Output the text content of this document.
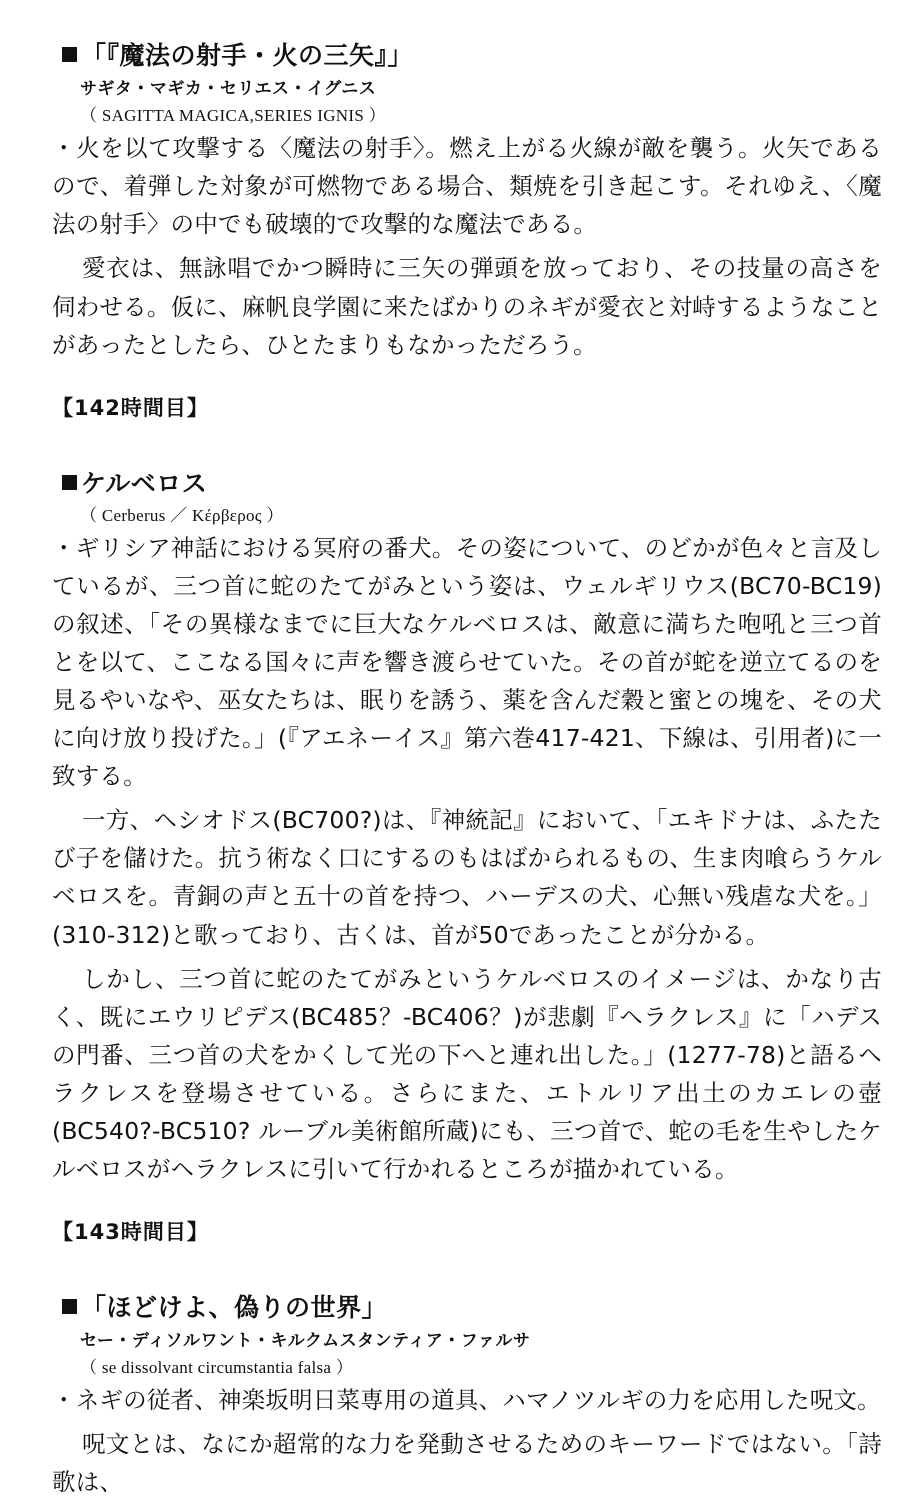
「『魔法の射手・火の三矢』」
サギタ・マギカ・セリエス・イグニス
（ SAGITTA MAGICA,SERIES IGNIS ）
・火を以て攻撃する〈魔法の射手〉。燃え上がる火線が敵を襲う。火矢であるので、着弾した対象が可燃物である場合、類焼を引き起こす。それゆえ、〈魔法の射手〉の中でも破壊的で攻撃的な魔法である。
愛衣は、無詠唱でかつ瞬時に三矢の弾頭を放っており、その技量の高さを伺わせる。仮に、麻帆良学園に来たばかりのネギが愛衣と対峙するようなことがあったとしたら、ひとたまりもなかっただろう。
【142時間目】
ケルベロス
（ Cerberus ／ Κέρβερος ）
・ギリシア神話における冥府の番犬。その姿について、のどかが色々と言及しているが、三つ首に蛇のたてがみという姿は、ウェルギリウス(BC70-BC19)の叙述、「その異様なまでに巨大なケルベロスは、敵意に満ちた咆吼と三つ首とを以て、ここなる国々に声を響き渡らせていた。その首が蛇を逆立てるのを見るやいなや、巫女たちは、眠りを誘う、薬を含んだ穀と蜜との塊を、その犬に向け放り投げた。」(『アエネーイス』第六巻417-421、下線は、引用者)に一致する。
一方、ヘシオドス(BC700?)は、『神統記』において、「エキドナは、ふたたび子を儲けた。抗う術なく口にするのもはばかられるもの、生ま肉喰らうケルベロスを。青銅の声と五十の首を持つ、ハーデスの犬、心無い残虐な犬を。」(310-312)と歌っており、古くは、首が50であったことが分かる。
しかし、三つ首に蛇のたてがみというケルベロスのイメージは、かなり古く、既にエウリピデス(BC485？-BC406？)が悲劇『ヘラクレス』に「ハデスの門番、三つ首の犬をかくして光の下へと連れ出した。」(1277-78)と語るヘラクレスを登場させている。さらにまた、エトルリア出土のカエレの壺(BC540?-BC510? ルーブル美術館所蔵)にも、三つ首で、蛇の毛を生やしたケルベロスがヘラクレスに引いて行かれるところが描かれている。
【143時間目】
「ほどけよ、偽りの世界」
セー・ディソルワント・キルクムスタンティア・ファルサ
（ se dissolvant circumstantia falsa ）
・ネギの従者、神楽坂明日菜専用の道具、ハマノツルギの力を応用した呪文。
呪文とは、なにか超常的な力を発動させるためのキーワードではない。「詩歌は、
